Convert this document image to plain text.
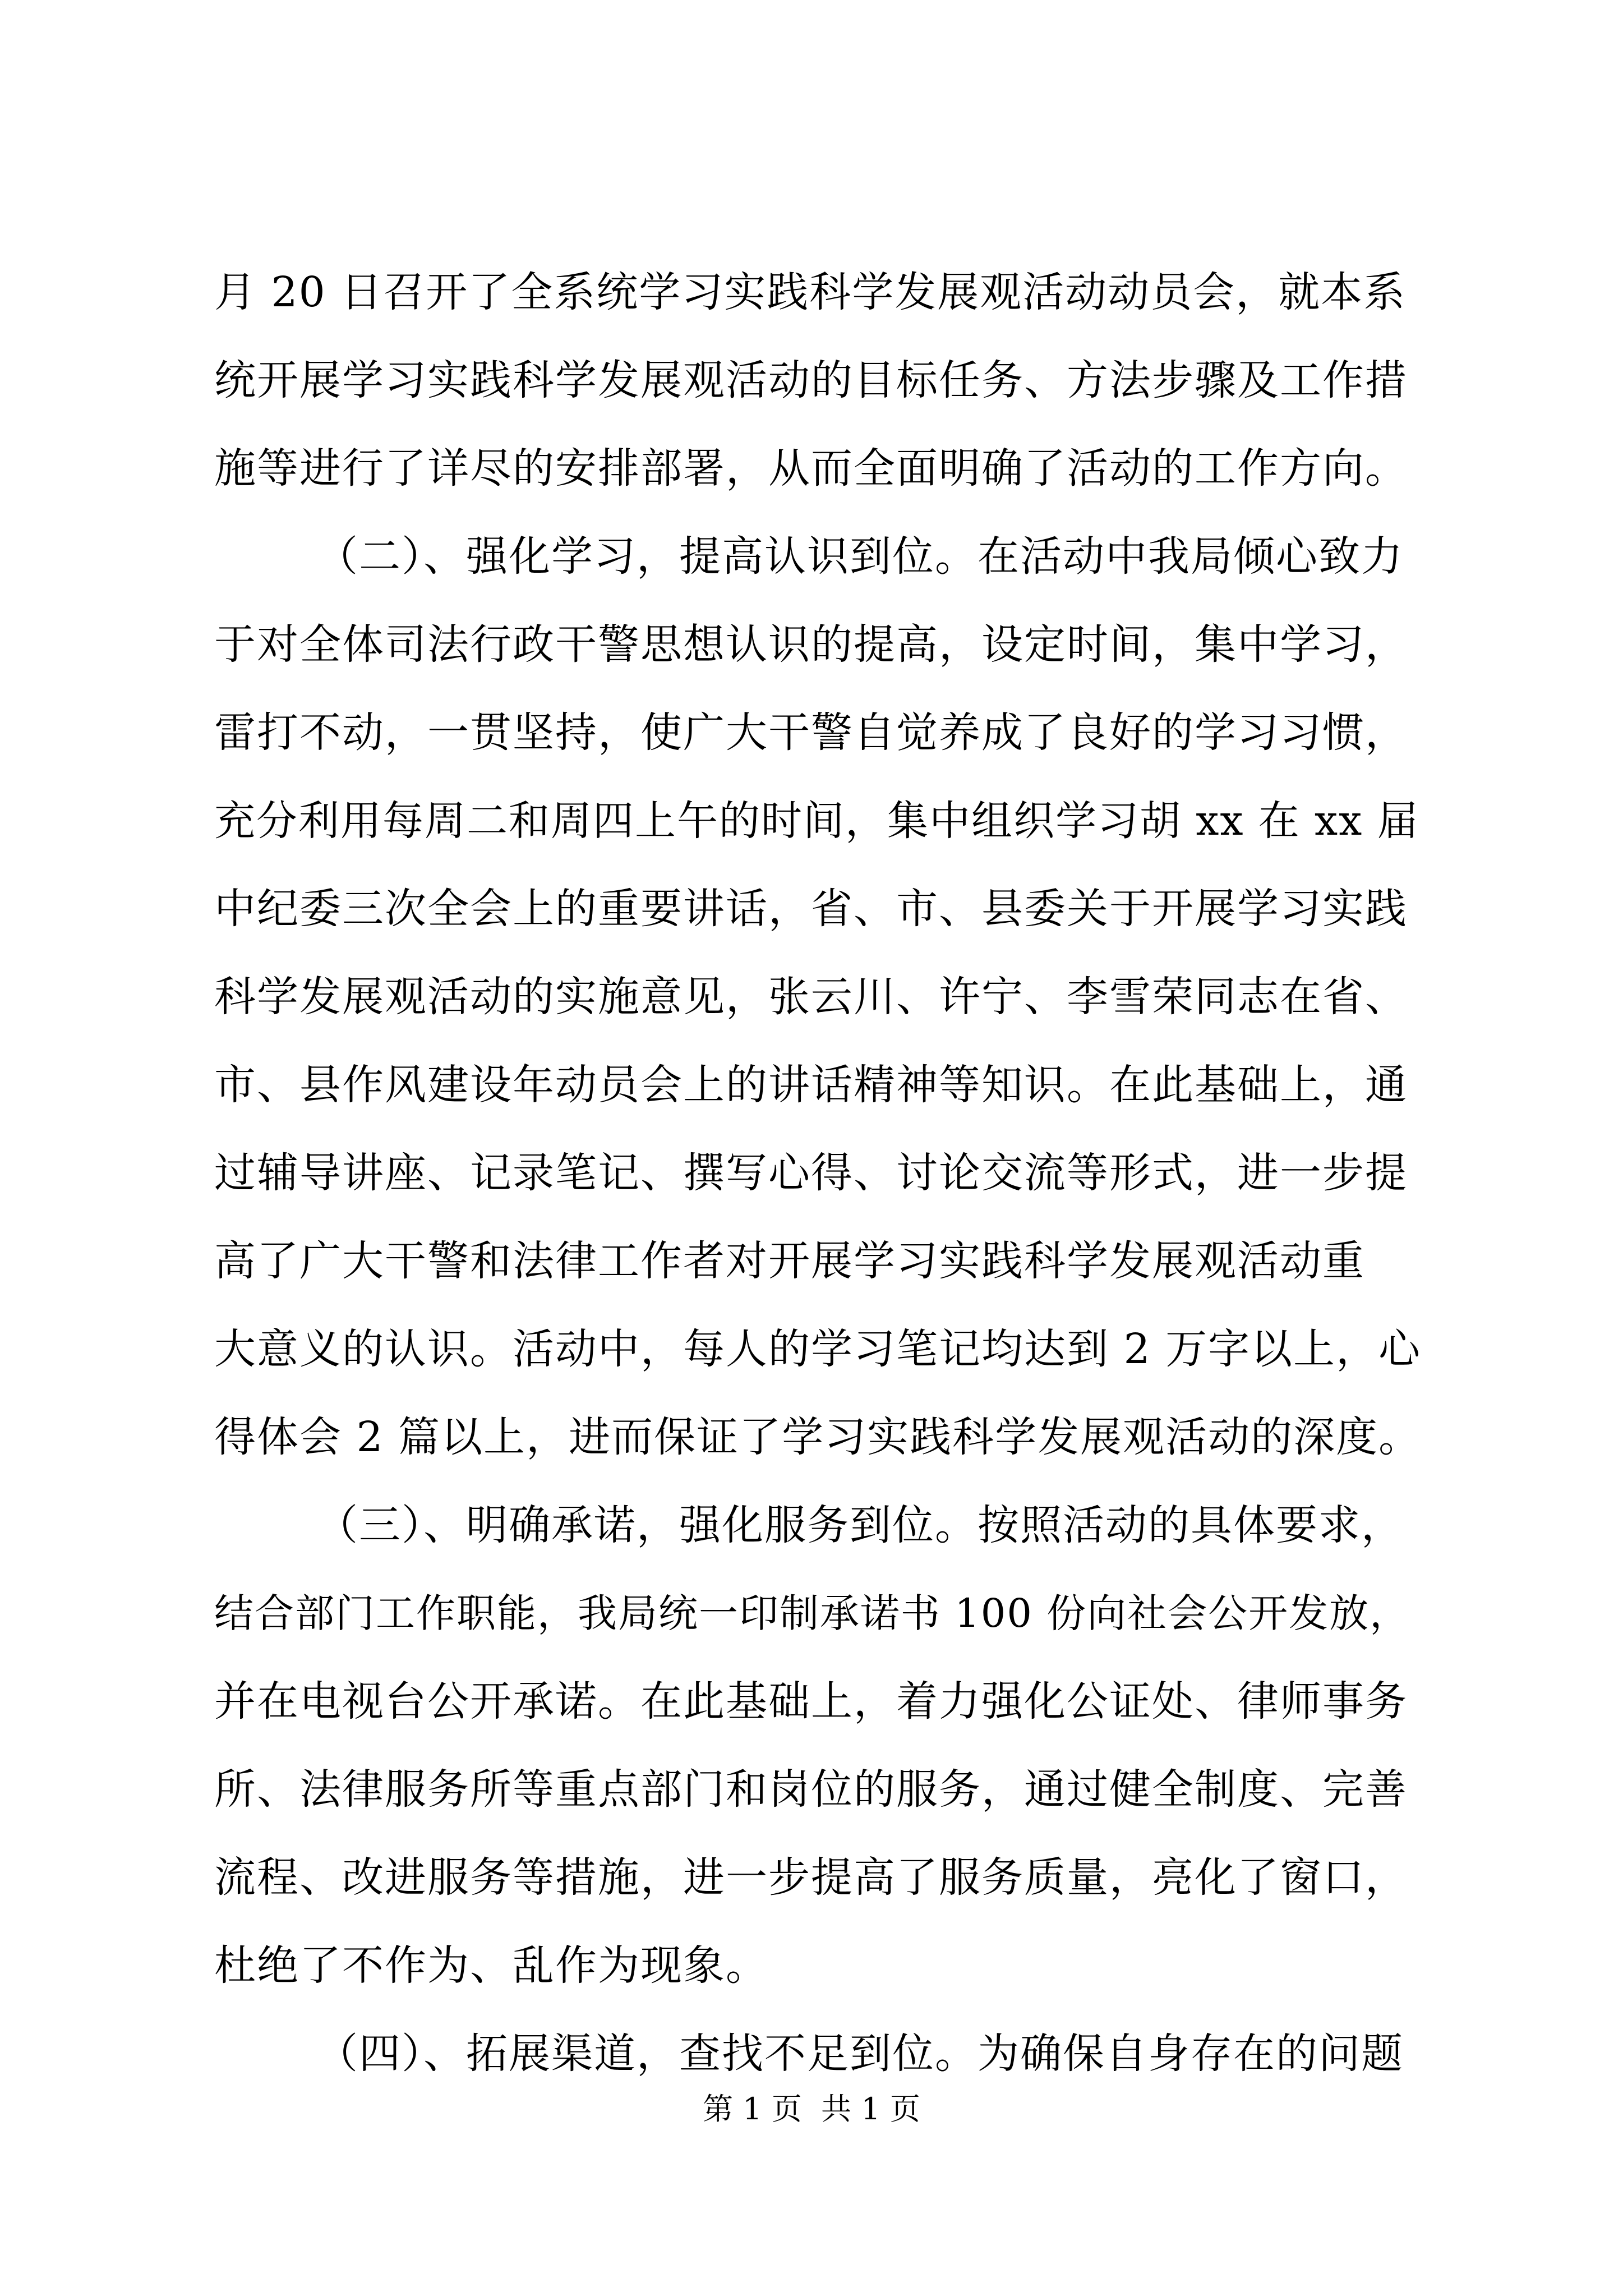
月 20 日召开了全系统学习实践科学发展观活动动员会，就本系
统开展学习实践科学发展观活动的目标任务、方法步骤及工作措
施等进行了详尽的安排部署，从而全面明确了活动的工作方向。
（二）、强化学习，提高认识到位。在活动中我局倾心致力
于对全体司法行政干警思想认识的提高，设定时间，集中学习，
雷打不动，一贯坚持，使广大干警自觉养成了良好的学习习惯，
充分利用每周二和周四上午的时间，集中组织学习胡 xx 在 xx 届
中纪委三次全会上的重要讲话，省、市、县委关于开展学习实践
科学发展观活动的实施意见，张云川、许宁、李雪荣同志在省、
市、县作风建设年动员会上的讲话精神等知识。在此基础上，通
过辅导讲座、记录笔记、撰写心得、讨论交流等形式，进一步提
高了广大干警和法律工作者对开展学习实践科学发展观活动重
大意义的认识。活动中，每人的学习笔记均达到 2 万字以上，心
得体会 2 篇以上，进而保证了学习实践科学发展观活动的深度。
（三）、明确承诺，强化服务到位。按照活动的具体要求，
结合部门工作职能，我局统一印制承诺书 100 份向社会公开发放，
并在电视台公开承诺。在此基础上，着力强化公证处、律师事务
所、法律服务所等重点部门和岗位的服务，通过健全制度、完善
流程、改进服务等措施，进一步提高了服务质量，亮化了窗口，
杜绝了不作为、乱作为现象。
（四）、拓展渠道，查找不足到位。为确保自身存在的问题
第 1 页  共 1 页
